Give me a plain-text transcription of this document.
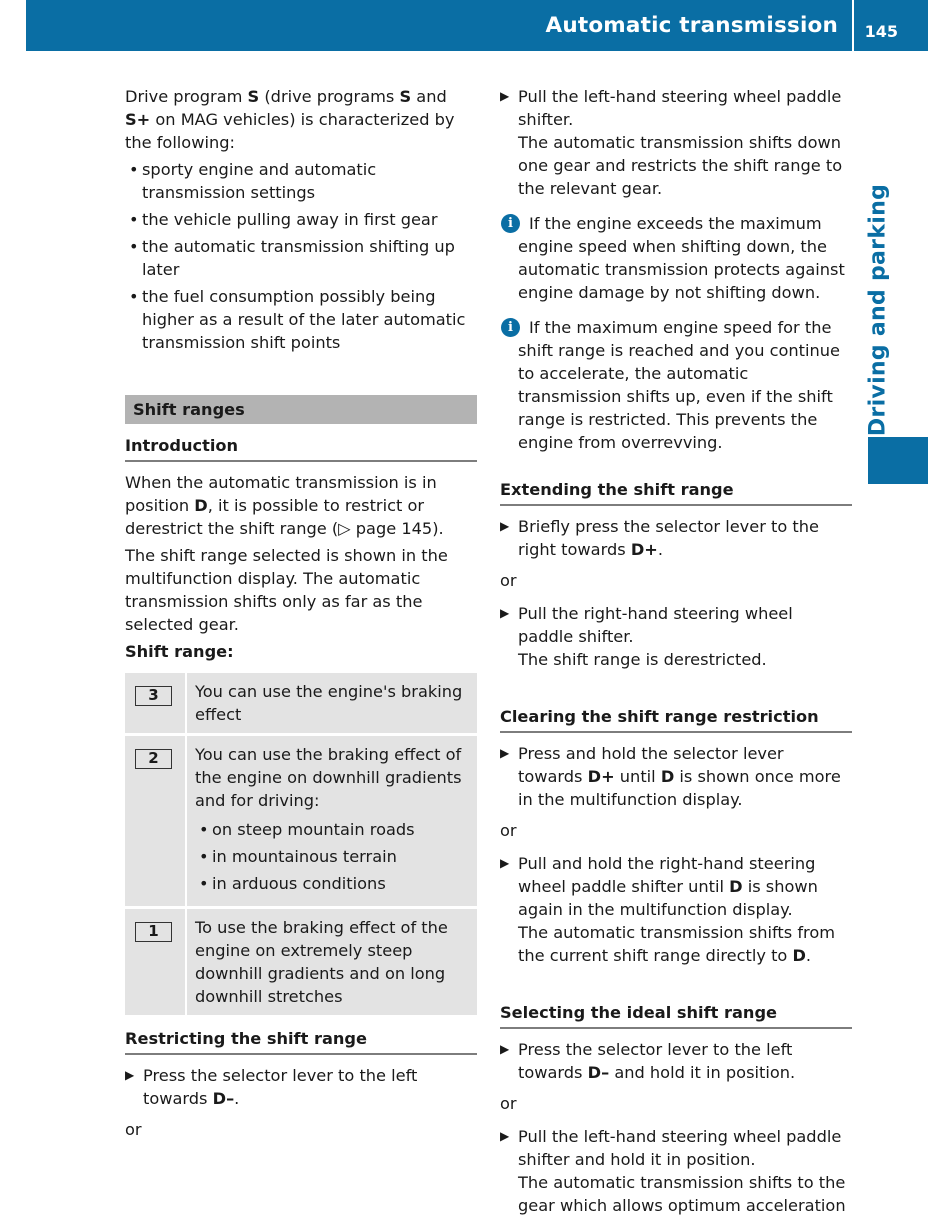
Automatic transmission 145
Driving and parking

Drive program S (drive programs S and S+ on MAG vehicles) is characterized by the following:

• sporty engine and automatic transmission settings
• the vehicle pulling away in first gear
• the automatic transmission shifting up later
• the fuel consumption possibly being higher as a result of the later automatic transmission shift points
Shift ranges
Introduction

When the automatic transmission is in position D, it is possible to restrict or derestrict the shift range (▷ page 145).

The shift range selected is shown in the multifunction display. The automatic transmission shifts only as far as the selected gear.

Shift range:

3	You can use the engine's braking effect
2	You can use the braking effect of the engine on downhill gradients and for driving:

• on steep mountain roads
• in mountainous terrain
• in arduous conditions
1	To use the braking effect of the engine on extremely steep downhill gradients and on long downhill stretches
Restricting the shift range
▶ Press the selector lever to the left towards D–.

or

▶ Pull the left-hand steering wheel paddle shifter.

The automatic transmission shifts down one gear and restricts the shift range to the relevant gear.

i If the engine exceeds the maximum engine speed when shifting down, the automatic transmission protects against engine damage by not shifting down.

i If the maximum engine speed for the shift range is reached and you continue to accelerate, the automatic transmission shifts up, even if the shift range is restricted. This prevents the engine from overrevving.

Extending the shift range
▶ Briefly press the selector lever to the right towards D+.

or

▶ Pull the right-hand steering wheel paddle shifter.

The shift range is derestricted.

Clearing the shift range restriction
▶ Press and hold the selector lever towards D+ until D is shown once more in the multifunction display.

or

▶ Pull and hold the right-hand steering wheel paddle shifter until D is shown again in the multifunction display.

The automatic transmission shifts from the current shift range directly to D.

Selecting the ideal shift range
▶ Press the selector lever to the left towards D– and hold it in position.

or

▶ Pull the left-hand steering wheel paddle shifter and hold it in position.

The automatic transmission shifts to the gear which allows optimum acceleration
